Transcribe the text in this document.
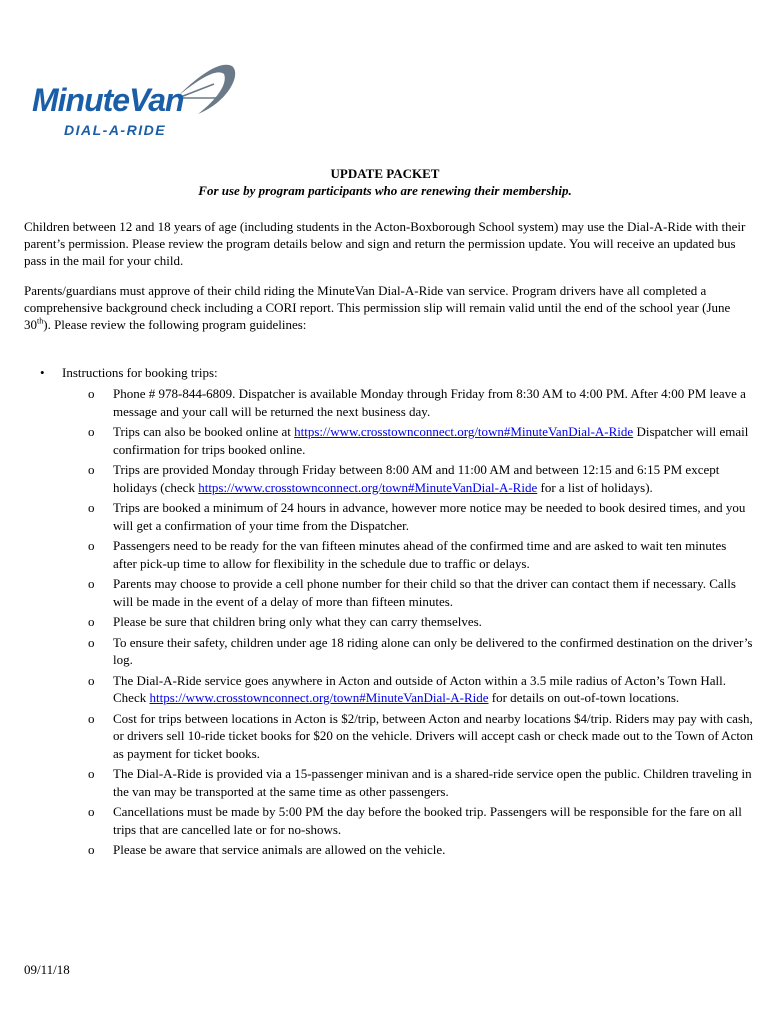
MinuteVan
DIAL-A-RIDE
UPDATE PACKET
For use by program participants who are renewing their membership.
Children between 12 and 18 years of age (including students in the Acton-Boxborough School system) may use the Dial-A-Ride with their parent’s permission. Please review the program details below and sign and return the permission update. You will receive an updated bus pass in the mail for your child.
Parents/guardians must approve of their child riding the MinuteVan Dial-A-Ride van service. Program drivers have all completed a comprehensive background check including a CORI report. This permission slip will remain valid until the end of the school year (June 30th). Please review the following program guidelines:
• Instructions for booking trips:
o Phone # 978-844-6809. Dispatcher is available Monday through Friday from 8:30 AM to 4:00 PM. After 4:00 PM leave a message and your call will be returned the next business day.
o Trips can also be booked online at https://www.crosstownconnect.org/town#MinuteVanDial-A-Ride Dispatcher will email confirmation for trips booked online.
o Trips are provided Monday through Friday between 8:00 AM and 11:00 AM and between 12:15 and 6:15 PM except holidays (check https://www.crosstownconnect.org/town#MinuteVanDial-A-Ride for a list of holidays).
o Trips are booked a minimum of 24 hours in advance, however more notice may be needed to book desired times, and you will get a confirmation of your time from the Dispatcher.
o Passengers need to be ready for the van fifteen minutes ahead of the confirmed time and are asked to wait ten minutes after pick-up time to allow for flexibility in the schedule due to traffic or delays.
o Parents may choose to provide a cell phone number for their child so that the driver can contact them if necessary. Calls will be made in the event of a delay of more than fifteen minutes.
o Please be sure that children bring only what they can carry themselves.
o To ensure their safety, children under age 18 riding alone can only be delivered to the confirmed destination on the driver’s log.
o The Dial-A-Ride service goes anywhere in Acton and outside of Acton within a 3.5 mile radius of Acton’s Town Hall. Check https://www.crosstownconnect.org/town#MinuteVanDial-A-Ride for details on out-of-town locations.
o Cost for trips between locations in Acton is $2/trip, between Acton and nearby locations $4/trip. Riders may pay with cash, or drivers sell 10-ride ticket books for $20 on the vehicle. Drivers will accept cash or check made out to the Town of Acton as payment for ticket books.
o The Dial-A-Ride is provided via a 15-passenger minivan and is a shared-ride service open the public. Children traveling in the van may be transported at the same time as other passengers.
o Cancellations must be made by 5:00 PM the day before the booked trip. Passengers will be responsible for the fare on all trips that are cancelled late or for no-shows.
o Please be aware that service animals are allowed on the vehicle.
09/11/18
